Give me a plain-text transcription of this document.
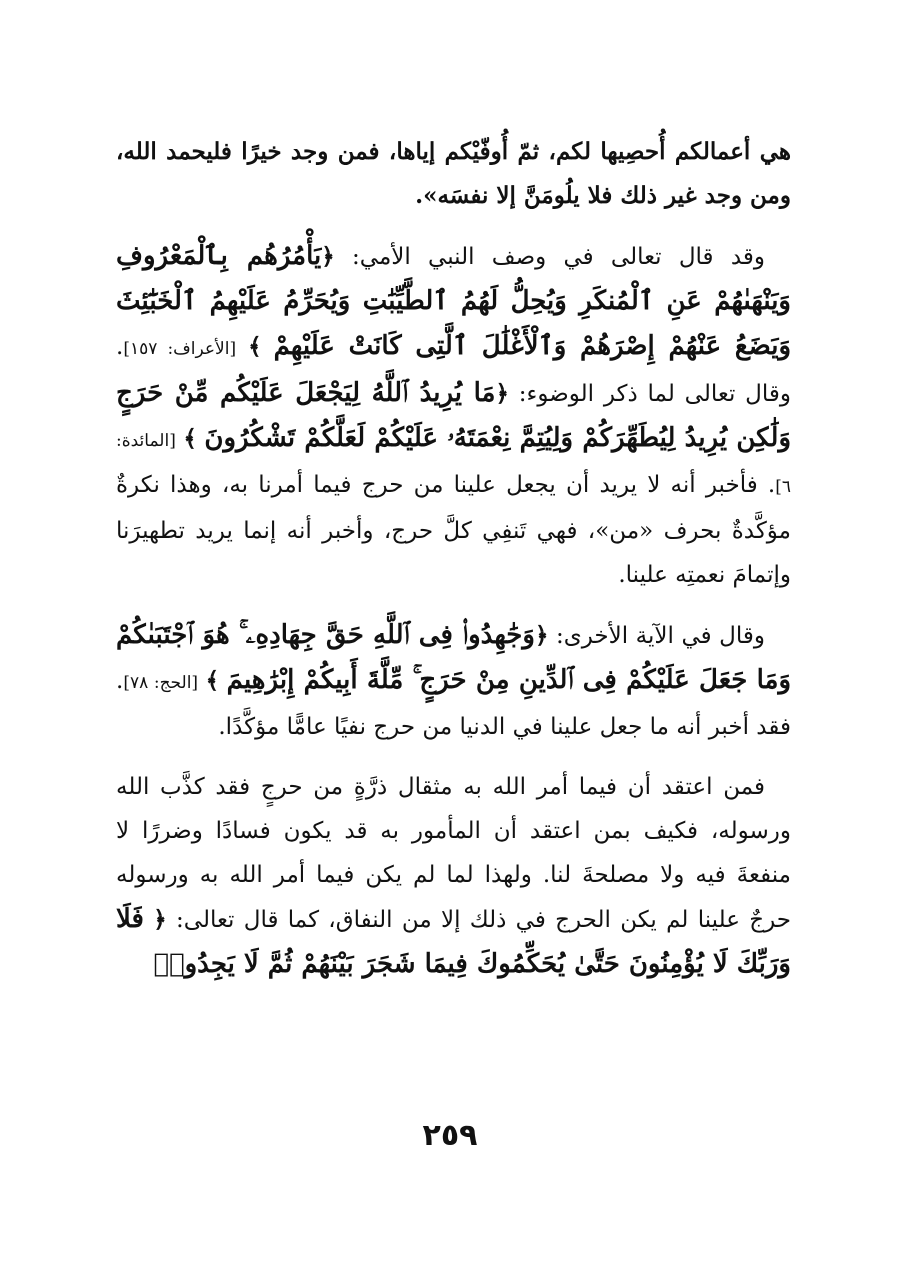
هي أعمالكم أُحصِيها لكم، ثمّ أُوفّيْكم إياها، فمن وجد خيرًا فليحمد الله، ومن وجد غير ذلك فلا يلُومَنَّ إلا نفسَه».

وقد قال تعالى في وصف النبي الأمي: ﴿يَأْمُرُهُم بِٱلْمَعْرُوفِ وَيَنْهَىٰهُمْ عَنِ ٱلْمُنكَرِ وَيُحِلُّ لَهُمُ ٱلطَّيِّبَٰتِ وَيُحَرِّمُ عَلَيْهِمُ ٱلْخَبَٰٓئِثَ وَيَضَعُ عَنْهُمْ إِصْرَهُمْ وَٱلْأَغْلَٰلَ ٱلَّتِى كَانَتْ عَلَيْهِمْ ﴾ [الأعراف: ١٥٧]. وقال تعالى لما ذكر الوضوء: ﴿مَا يُرِيدُ ٱللَّهُ لِيَجْعَلَ عَلَيْكُم مِّنْ حَرَجٍ وَلَٰكِن يُرِيدُ لِيُطَهِّرَكُمْ وَلِيُتِمَّ نِعْمَتَهُۥ عَلَيْكُمْ لَعَلَّكُمْ تَشْكُرُونَ ﴾ [المائدة: ٦]. فأخبر أنه لا يريد أن يجعل علينا من حرج فيما أمرنا به، وهذا نكرةٌ مؤكَّدةٌ بحرف «من»، فهي تَنفِي كلَّ حرج، وأخبر أنه إنما يريد تطهيرَنا وإتمامَ نعمتِه علينا.

وقال في الآية الأخرى: ﴿وَجَٰهِدُوا۟ فِى ٱللَّهِ حَقَّ جِهَادِهِۦ ۚ هُوَ ٱجْتَبَىٰكُمْ وَمَا جَعَلَ عَلَيْكُمْ فِى ٱلدِّينِ مِنْ حَرَجٍ ۚ مِّلَّةَ أَبِيكُمْ إِبْرَٰهِيمَ ﴾ [الحج: ٧٨]. فقد أخبر أنه ما جعل علينا في الدنيا من حرج نفيًا عامًّا مؤكَّدًا.

فمن اعتقد أن فيما أمر الله به مثقال ذرَّةٍ من حرجٍ فقد كذَّب الله ورسوله، فكيف بمن اعتقد أن المأمور به قد يكون فسادًا وضررًا لا منفعةَ فيه ولا مصلحةَ لنا. ولهذا لما لم يكن فيما أمر الله به ورسوله حرجٌ علينا لم يكن الحرج في ذلك إلا من النفاق، كما قال تعالى: ﴿ فَلَا وَرَبِّكَ لَا يُؤْمِنُونَ حَتَّىٰ يُحَكِّمُوكَ فِيمَا شَجَرَ بَيْنَهُمْ ثُمَّ لَا يَجِدُوا۟

٢٥٩
